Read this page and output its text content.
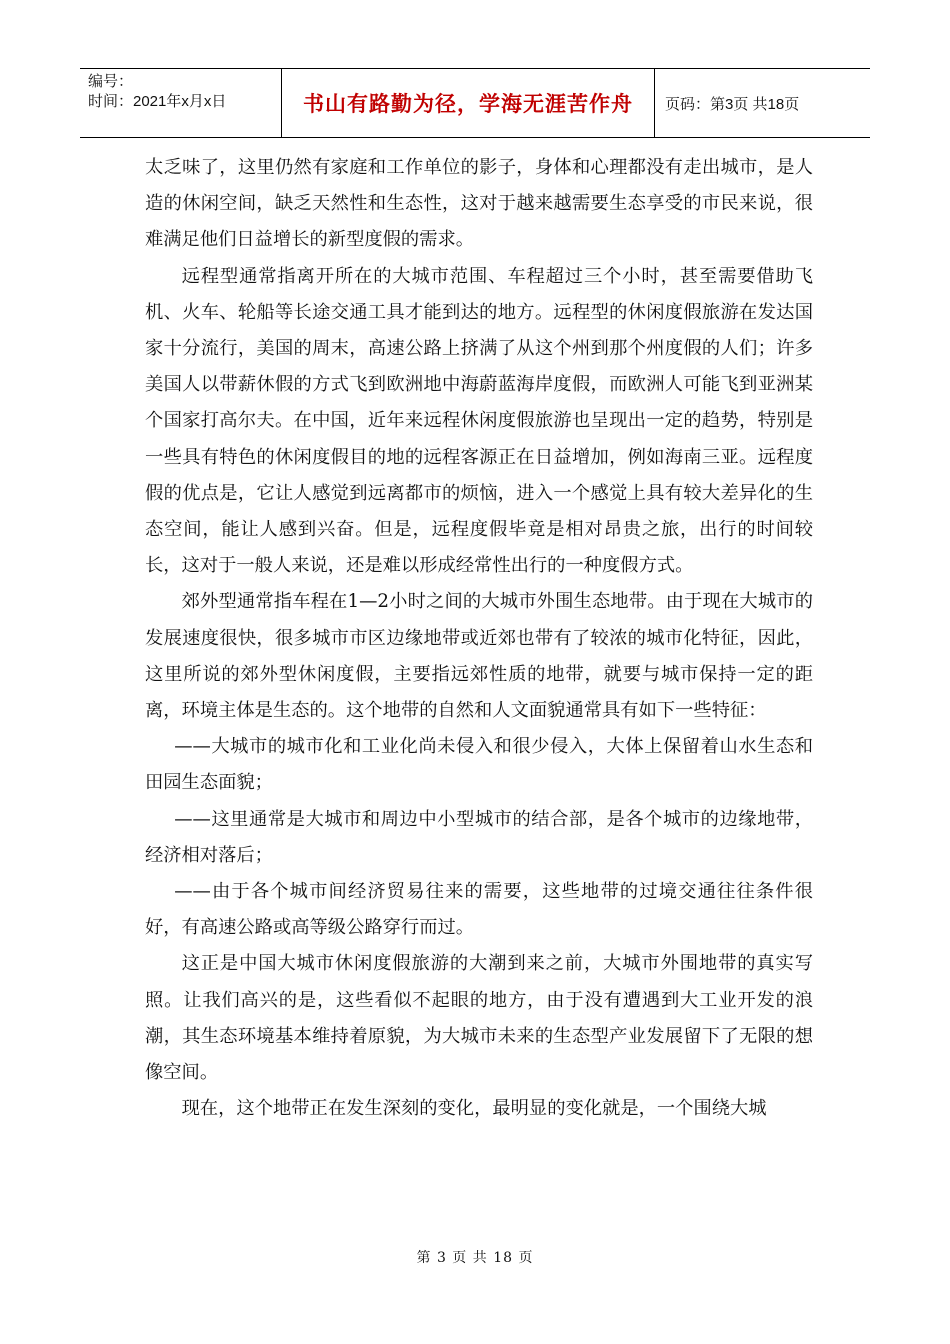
编号：
时间：2021年x月x日	书山有路勤为径，学海无涯苦作舟	页码：第3页 共18页

太乏味了，这里仍然有家庭和工作单位的影子，身体和心理都没有走出城市，是人造的休闲空间，缺乏天然性和生态性，这对于越来越需要生态享受的市民来说，很难满足他们日益增长的新型度假的需求。

远程型通常指离开所在的大城市范围、车程超过三个小时，甚至需要借助飞机、火车、轮船等长途交通工具才能到达的地方。远程型的休闲度假旅游在发达国家十分流行，美国的周末，高速公路上挤满了从这个州到那个州度假的人们；许多美国人以带薪休假的方式飞到欧洲地中海蔚蓝海岸度假，而欧洲人可能飞到亚洲某个国家打高尔夫。在中国，近年来远程休闲度假旅游也呈现出一定的趋势，特别是一些具有特色的休闲度假目的地的远程客源正在日益增加，例如海南三亚。远程度假的优点是，它让人感觉到远离都市的烦恼，进入一个感觉上具有较大差异化的生态空间，能让人感到兴奋。但是，远程度假毕竟是相对昂贵之旅，出行的时间较长，这对于一般人来说，还是难以形成经常性出行的一种度假方式。

郊外型通常指车程在1—2小时之间的大城市外围生态地带。由于现在大城市的发展速度很快，很多城市市区边缘地带或近郊也带有了较浓的城市化特征，因此，这里所说的郊外型休闲度假，主要指远郊性质的地带，就要与城市保持一定的距离，环境主体是生态的。这个地带的自然和人文面貌通常具有如下一些特征：

——大城市的城市化和工业化尚未侵入和很少侵入，大体上保留着山水生态和田园生态面貌；

——这里通常是大城市和周边中小型城市的结合部，是各个城市的边缘地带，经济相对落后；

——由于各个城市间经济贸易往来的需要，这些地带的过境交通往往条件很好，有高速公路或高等级公路穿行而过。

这正是中国大城市休闲度假旅游的大潮到来之前，大城市外围地带的真实写照。让我们高兴的是，这些看似不起眼的地方，由于没有遭遇到大工业开发的浪潮，其生态环境基本维持着原貌，为大城市未来的生态型产业发展留下了无限的想像空间。

现在，这个地带正在发生深刻的变化，最明显的变化就是，一个围绕大城

第 3 页 共 18 页
